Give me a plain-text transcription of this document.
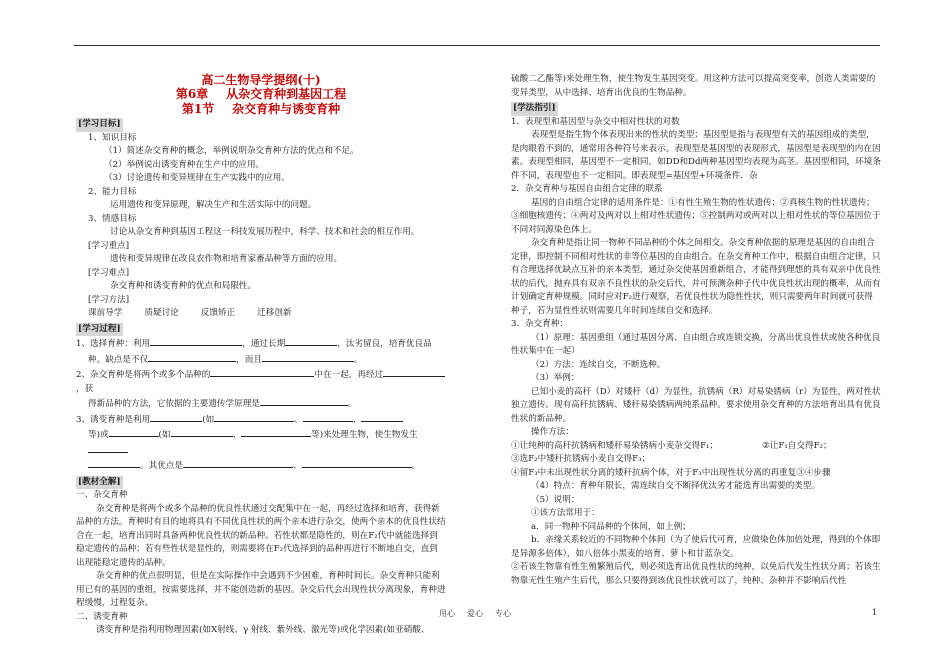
高二生物导学提纲(十)
第6章 从杂交育种到基因工程
第1节 杂交育种与诱变育种
[学习目标]

1、知识目标

（1）简述杂交育种的概念，举例说明杂交育种方法的优点和不足。

（2）举例说出诱变育种在生产中的应用。

（3）讨论遗传和变异规律在生产实践中的应用。

2、能力目标

运用遗传和变异原理，解决生产和生活实际中的问题。

3、情感目标

讨论从杂交育种到基因工程这一科技发展历程中，科学、技术和社会的相互作用。

[学习重点]

遗传和变异规律在改良农作物和培育家畜品种等方面的应用。

[学习难点]

杂交育种和诱变育种的优点和局限性。

[学习方法]

课前导学	质疑讨论	反馈矫正	迁移创新

[学习过程]

1、选择育种：利用	，通过长期	，汰劣留良，培育优良品

种。缺点是不仅	，而且	。

2、杂交育种是将两个或多个品种的	中在一起，再经过，获

得新品种的方法，它依据的主要遗传学原理是	。

3、诱变育种是利用	(如	、	、

等)或	(如	、	等)来处理生物，使生物发生

。其优点是	、	。

[教材全解]

一、杂交育种

杂交育种是将两个或多个品种的优良性状通过交配集中在一起，再经过选择和培育，获得新品种的方法。育种时有目的地将具有不同优良性状的两个亲本进行杂交，使两个亲本的优良性状结合在一起，培育出同时具备两种优良性状的新品种。若性状都是隐性的，则在F₂代中就能选择到稳定遗传的品种；若有些性状是显性的，则需要将在F₂代选择到的品种再进行不断地自交，直到出现能稳定遗传的品种。

杂交育种的优点很明显，但是在实际操作中会遇到不少困难，育种时间长。杂交育种只能利用已有的基因的重组，按需要选择，并不能创造新的基因。杂交后代会出现性状分离现象，育种进程缓慢，过程复杂。

二、诱变育种

诱变育种是指利用物理因素(如X射线、γ 射线、紫外线、激光等)或化学因素(如亚硝酸、

硫酸二乙酯等)来处理生物，使生物发生基因突变。用这种方法可以提高突变率，创造人类需要的变异类型，从中选择、培育出优良的生物品种。

[学法指引]

1．表现型和基因型与杂交中相对性状的对数

表现型是指生物个体表现出来的性状的类型；基因型是指与表现型有关的基因组成的类型，是肉眼看不到的，通常用各种符号来表示。表现型是基因型的表现形式，基因型是表现型的内在因素。表现型相同，基因型不一定相同，如DD和Dd两种基因型均表现为高茎。基因型相同，环境条件不同，表现型也不一定相同。即表现型=基因型+环境条件．杂

2．杂交育种与基因自由组合定律的联系

基因的自由组合定律的适用条件是：①有性生殖生物的性状遗传；②真核生物的性状遗传；③细胞核遗传；④两对及两对以上相对性状遗传；⑤控制两对或两对以上相对性状的等位基因位于不同对同源染色体上。

杂交育种是指让同一物种不同品种的个体之间相交。杂交育种依据的原理是基因的自由组合定律，即控制不同相对性状的非等位基因的自由组合。在杂交育种工作中，根据自由组合定律，只有合理选择优缺点互补的亲本类型，通过杂交使基因重新组合，才能得到理想的具有双亲中优良性状的后代，抛弃具有双亲不良性状的杂交后代，并可预测杂种子代中优良性状出现的概率，从而有计划确定育种规模。同时应对F₂进行观察，若优良性状为隐性性状，则只需要两年时间就可获得种子，若为显性性状则需要几年时间连续自交和选择。

3．杂交育种：

（1）原理：基因重组（通过基因分离、自由组合或连锁交换，分离出优良性状或使各种优良性状集中在一起）

（2）方法：连续自交，不断选种。

（3）举例：

已知小麦的高秆（D）对矮秆（d）为显性，抗锈病（R）对易染锈病（r）为显性，两对性状独立遗传。现有高秆抗锈病、矮秆易染锈病两纯系品种。要求使用杂交育种的方法培育出具有优良性状的新品种。

操作方法：

①让纯种的高秆抗锈病和矮秆易染锈病小麦杂交得F₁；	②让F₁自交得F₂；

③选F₂中矮秆抗锈病小麦自交得F₃；

④留F₃中未出现性状分离的矮秆抗病个体，对于F₃中出现性状分离的再重复③④步骤

（4）特点：育种年限长，需连续自交不断择优汰劣才能选育出需要的类型。

（5）说明：

①该方法常用于：

a．同一物种不同品种的个体间，如上例；

b．亲缘关系较近的不同物种个体间（为了使后代可育，应做染色体加倍处理，得到的个体即是异源多倍体），如八倍体小黑麦的培育、萝卜和甘蓝杂交。

②若该生物靠有性生殖繁殖后代，则必须选育出优良性状的纯种，以免后代发生性状分离；若该生物靠无性生殖产生后代，那么只要得到该优良性状就可以了，纯种、杂种并不影响后代性

用心 爱心 专心	1
